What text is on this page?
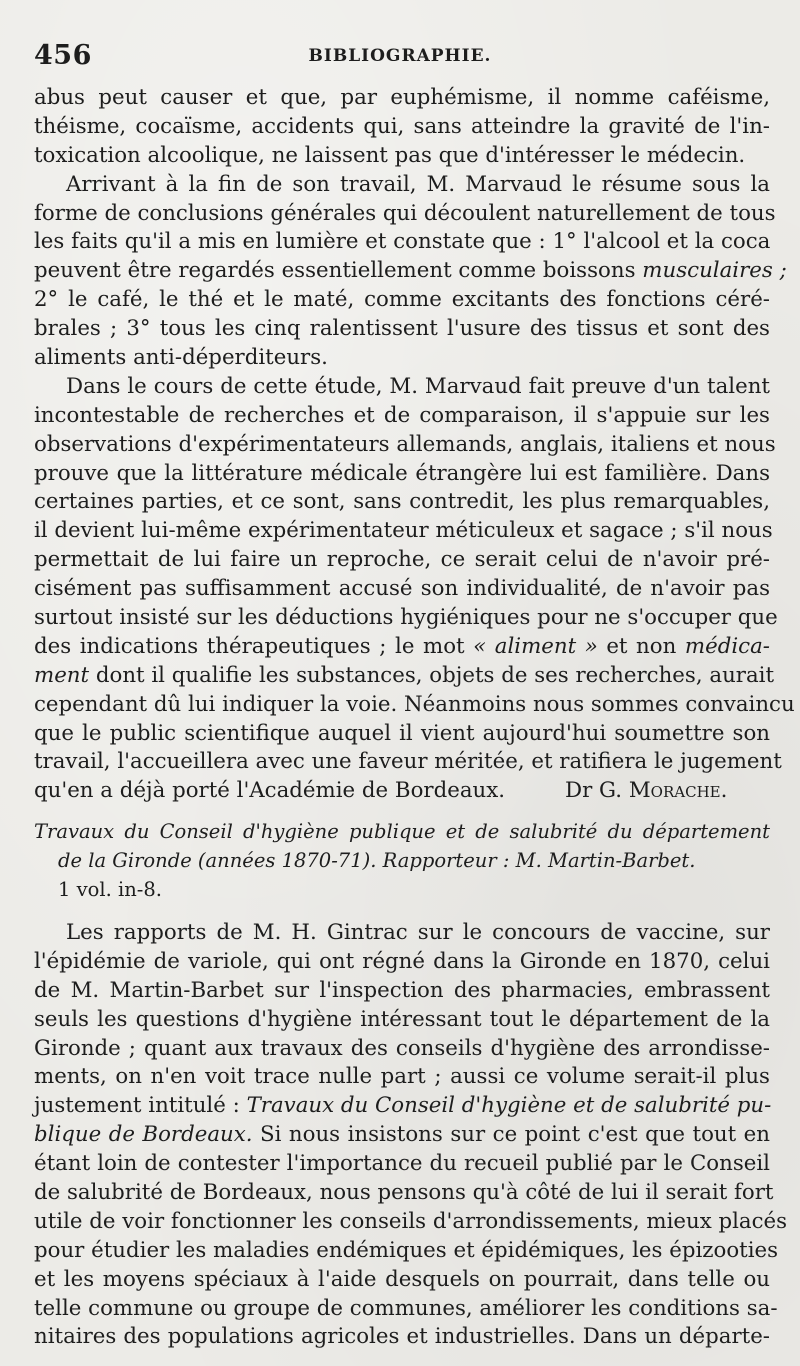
456	BIBLIOGRAPHIE.
abus peut causer et que, par euphémisme, il nomme caféisme,
théisme, cocaïsme, accidents qui, sans atteindre la gravité de l'in-
toxication alcoolique, ne laissent pas que d'intéresser le médecin.
Arrivant à la fin de son travail, M. Marvaud le résume sous la
forme de conclusions générales qui découlent naturellement de tous
les faits qu'il a mis en lumière et constate que : 1° l'alcool et la coca
peuvent être regardés essentiellement comme boissons musculaires ;
2° le café, le thé et le maté, comme excitants des fonctions céré-
brales ; 3° tous les cinq ralentissent l'usure des tissus et sont des
aliments anti-déperditeurs.
Dans le cours de cette étude, M. Marvaud fait preuve d'un talent
incontestable de recherches et de comparaison, il s'appuie sur les
observations d'expérimentateurs allemands, anglais, italiens et nous
prouve que la littérature médicale étrangère lui est familière. Dans
certaines parties, et ce sont, sans contredit, les plus remarquables,
il devient lui-même expérimentateur méticuleux et sagace ; s'il nous
permettait de lui faire un reproche, ce serait celui de n'avoir pré-
cisément pas suffisamment accusé son individualité, de n'avoir pas
surtout insisté sur les déductions hygiéniques pour ne s'occuper que
des indications thérapeutiques ; le mot « aliment » et non médica-
ment dont il qualifie les substances, objets de ses recherches, aurait
cependant dû lui indiquer la voie. Néanmoins nous sommes convaincu
que le public scientifique auquel il vient aujourd'hui soumettre son
travail, l'accueillera avec une faveur méritée, et ratifiera le jugement
qu'en a déjà porté l'Académie de Bordeaux.	Dr G. Morache.
Travaux du Conseil d'hygiène publique et de salubrité du département
de la Gironde (années 1870-71). Rapporteur : M. Martin-Barbet.
1 vol. in-8.
Les rapports de M. H. Gintrac sur le concours de vaccine, sur
l'épidémie de variole, qui ont régné dans la Gironde en 1870, celui
de M. Martin-Barbet sur l'inspection des pharmacies, embrassent
seuls les questions d'hygiène intéressant tout le département de la
Gironde ; quant aux travaux des conseils d'hygiène des arrondisse-
ments, on n'en voit trace nulle part ; aussi ce volume serait-il plus
justement intitulé : Travaux du Conseil d'hygiène et de salubrité pu-
blique de Bordeaux. Si nous insistons sur ce point c'est que tout en
étant loin de contester l'importance du recueil publié par le Conseil
de salubrité de Bordeaux, nous pensons qu'à côté de lui il serait fort
utile de voir fonctionner les conseils d'arrondissements, mieux placés
pour étudier les maladies endémiques et épidémiques, les épizooties
et les moyens spéciaux à l'aide desquels on pourrait, dans telle ou
telle commune ou groupe de communes, améliorer les conditions sa-
nitaires des populations agricoles et industrielles. Dans un départe-
